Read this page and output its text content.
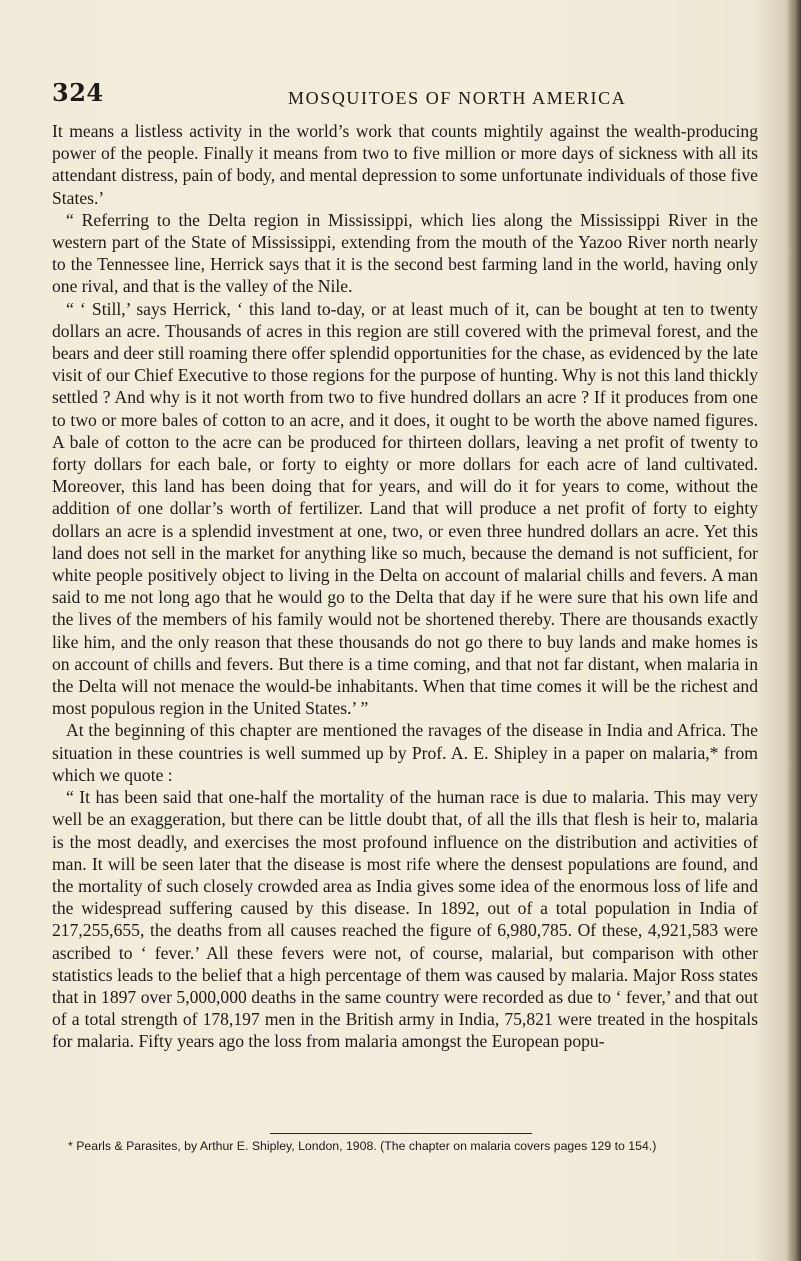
324	MOSQUITOES OF NORTH AMERICA

It means a listless activity in the world’s work that counts mightily against the wealth-producing power of the people. Finally it means from two to five million or more days of sickness with all its attendant distress, pain of body, and mental depression to some unfortunate individuals of those five States.’

“ Referring to the Delta region in Mississippi, which lies along the Mississippi River in the western part of the State of Mississippi, extending from the mouth of the Yazoo River north nearly to the Tennessee line, Herrick says that it is the second best farming land in the world, having only one rival, and that is the valley of the Nile.

“ ‘ Still,’ says Herrick, ‘ this land to-day, or at least much of it, can be bought at ten to twenty dollars an acre. Thousands of acres in this region are still covered with the primeval forest, and the bears and deer still roaming there offer splendid opportunities for the chase, as evidenced by the late visit of our Chief Executive to those regions for the purpose of hunting. Why is not this land thickly settled ? And why is it not worth from two to five hundred dollars an acre ? If it produces from one to two or more bales of cotton to an acre, and it does, it ought to be worth the above named figures. A bale of cotton to the acre can be produced for thirteen dollars, leaving a net profit of twenty to forty dollars for each bale, or forty to eighty or more dollars for each acre of land cultivated. Moreover, this land has been doing that for years, and will do it for years to come, without the addition of one dollar’s worth of fertilizer. Land that will produce a net profit of forty to eighty dollars an acre is a splendid investment at one, two, or even three hundred dollars an acre. Yet this land does not sell in the market for anything like so much, because the demand is not sufficient, for white people positively object to living in the Delta on account of malarial chills and fevers. A man said to me not long ago that he would go to the Delta that day if he were sure that his own life and the lives of the members of his family would not be shortened thereby. There are thousands exactly like him, and the only reason that these thousands do not go there to buy lands and make homes is on account of chills and fevers. But there is a time coming, and that not far distant, when malaria in the Delta will not menace the would-be inhabitants. When that time comes it will be the richest and most populous region in the United States.’ ”

At the beginning of this chapter are mentioned the ravages of the disease in India and Africa. The situation in these countries is well summed up by Prof. A. E. Shipley in a paper on malaria,* from which we quote :

“ It has been said that one-half the mortality of the human race is due to malaria. This may very well be an exaggeration, but there can be little doubt that, of all the ills that flesh is heir to, malaria is the most deadly, and exercises the most profound influence on the distribution and activities of man. It will be seen later that the disease is most rife where the densest populations are found, and the mortality of such closely crowded area as India gives some idea of the enormous loss of life and the widespread suffering caused by this disease. In 1892, out of a total population in India of 217,255,655, the deaths from all causes reached the figure of 6,980,785. Of these, 4,921,583 were ascribed to ‘ fever.’ All these fevers were not, of course, malarial, but comparison with other statistics leads to the belief that a high percentage of them was caused by malaria. Major Ross states that in 1897 over 5,000,000 deaths in the same country were recorded as due to ‘ fever,’ and that out of a total strength of 178,197 men in the British army in India, 75,821 were treated in the hospitals for malaria. Fifty years ago the loss from malaria amongst the European popu-

* Pearls & Parasites, by Arthur E. Shipley, London, 1908. (The chapter on malaria covers pages 129 to 154.)
